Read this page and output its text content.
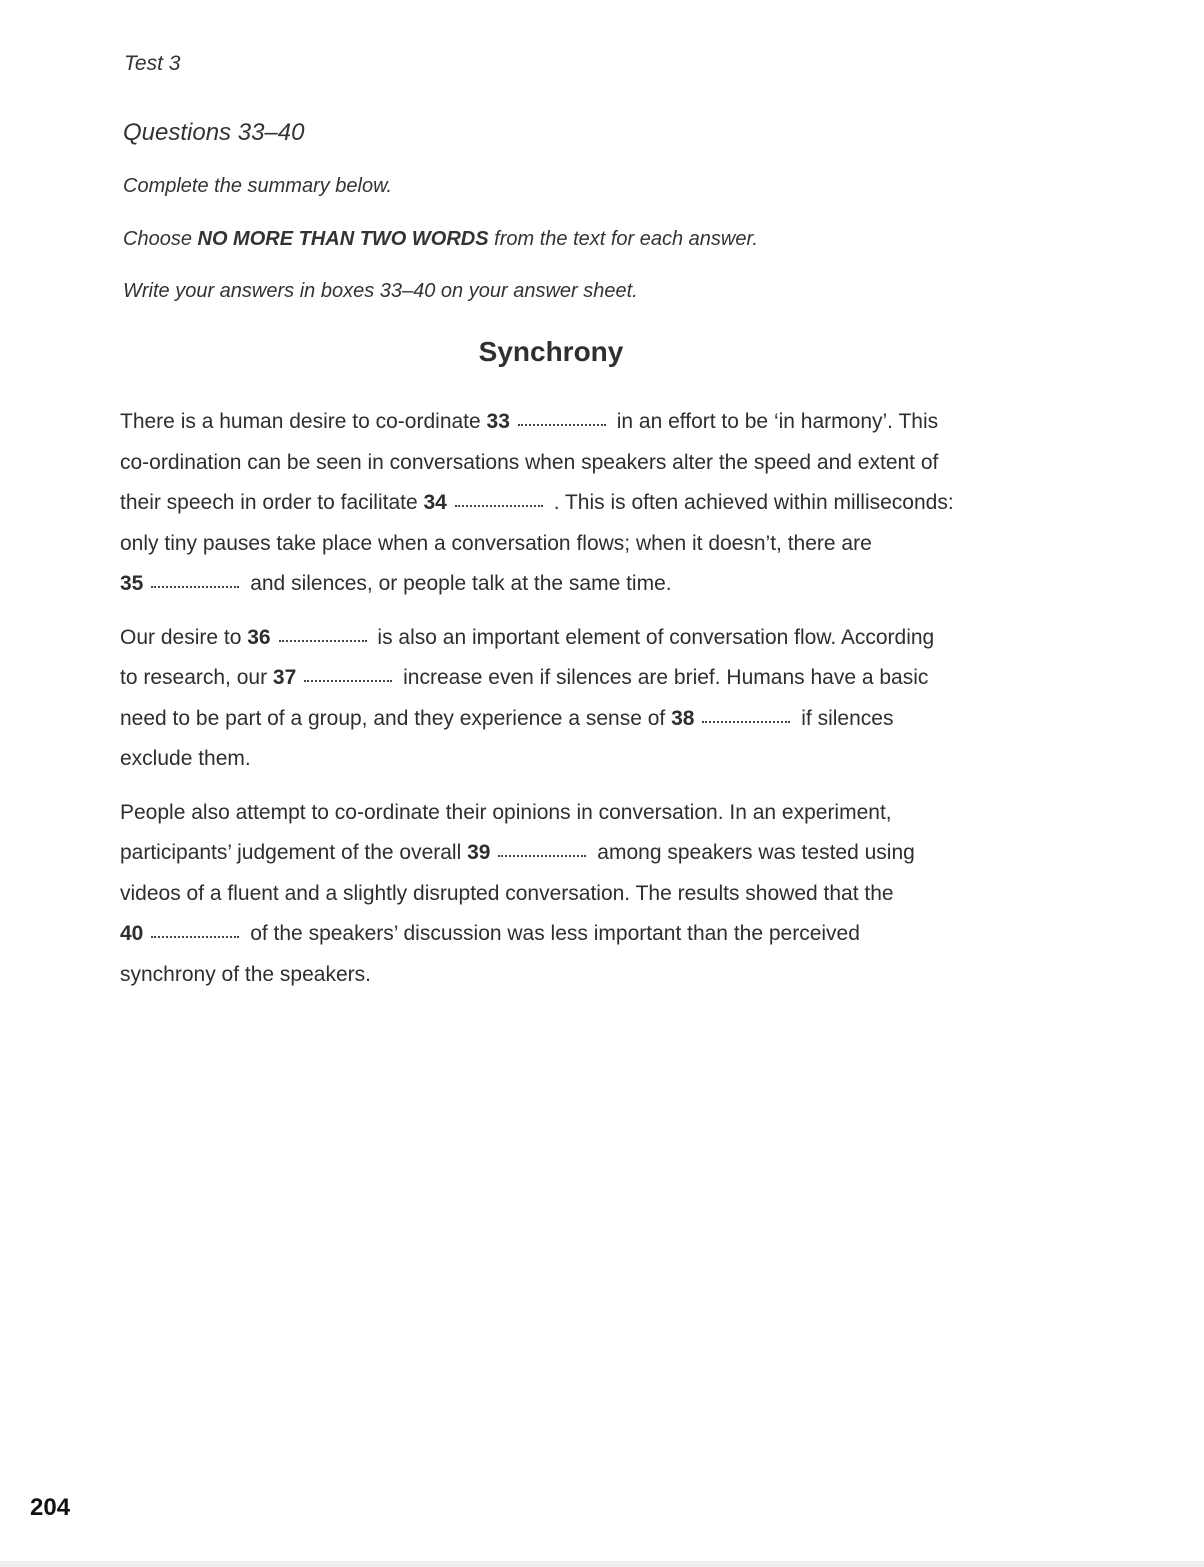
Test 3
Questions 33–40
Complete the summary below.
Choose NO MORE THAN TWO WORDS from the text for each answer.
Write your answers in boxes 33–40 on your answer sheet.
Synchrony

There is a human desire to co-ordinate 33	in an effort to be ‘in harmony’. This
co-ordination can be seen in conversations when speakers alter the speed and extent of
their speech in order to facilitate 34	. This is often achieved within milliseconds:
only tiny pauses take place when a conversation flows; when it doesn’t, there are
35	and silences, or people talk at the same time.

Our desire to 36	is also an important element of conversation flow. According
to research, our 37	increase even if silences are brief. Humans have a basic
need to be part of a group, and they experience a sense of 38	if silences
exclude them.

People also attempt to co-ordinate their opinions in conversation. In an experiment,
participants’ judgement of the overall 39	among speakers was tested using
videos of a fluent and a slightly disrupted conversation. The results showed that the
40	of the speakers’ discussion was less important than the perceived
synchrony of the speakers.

204
